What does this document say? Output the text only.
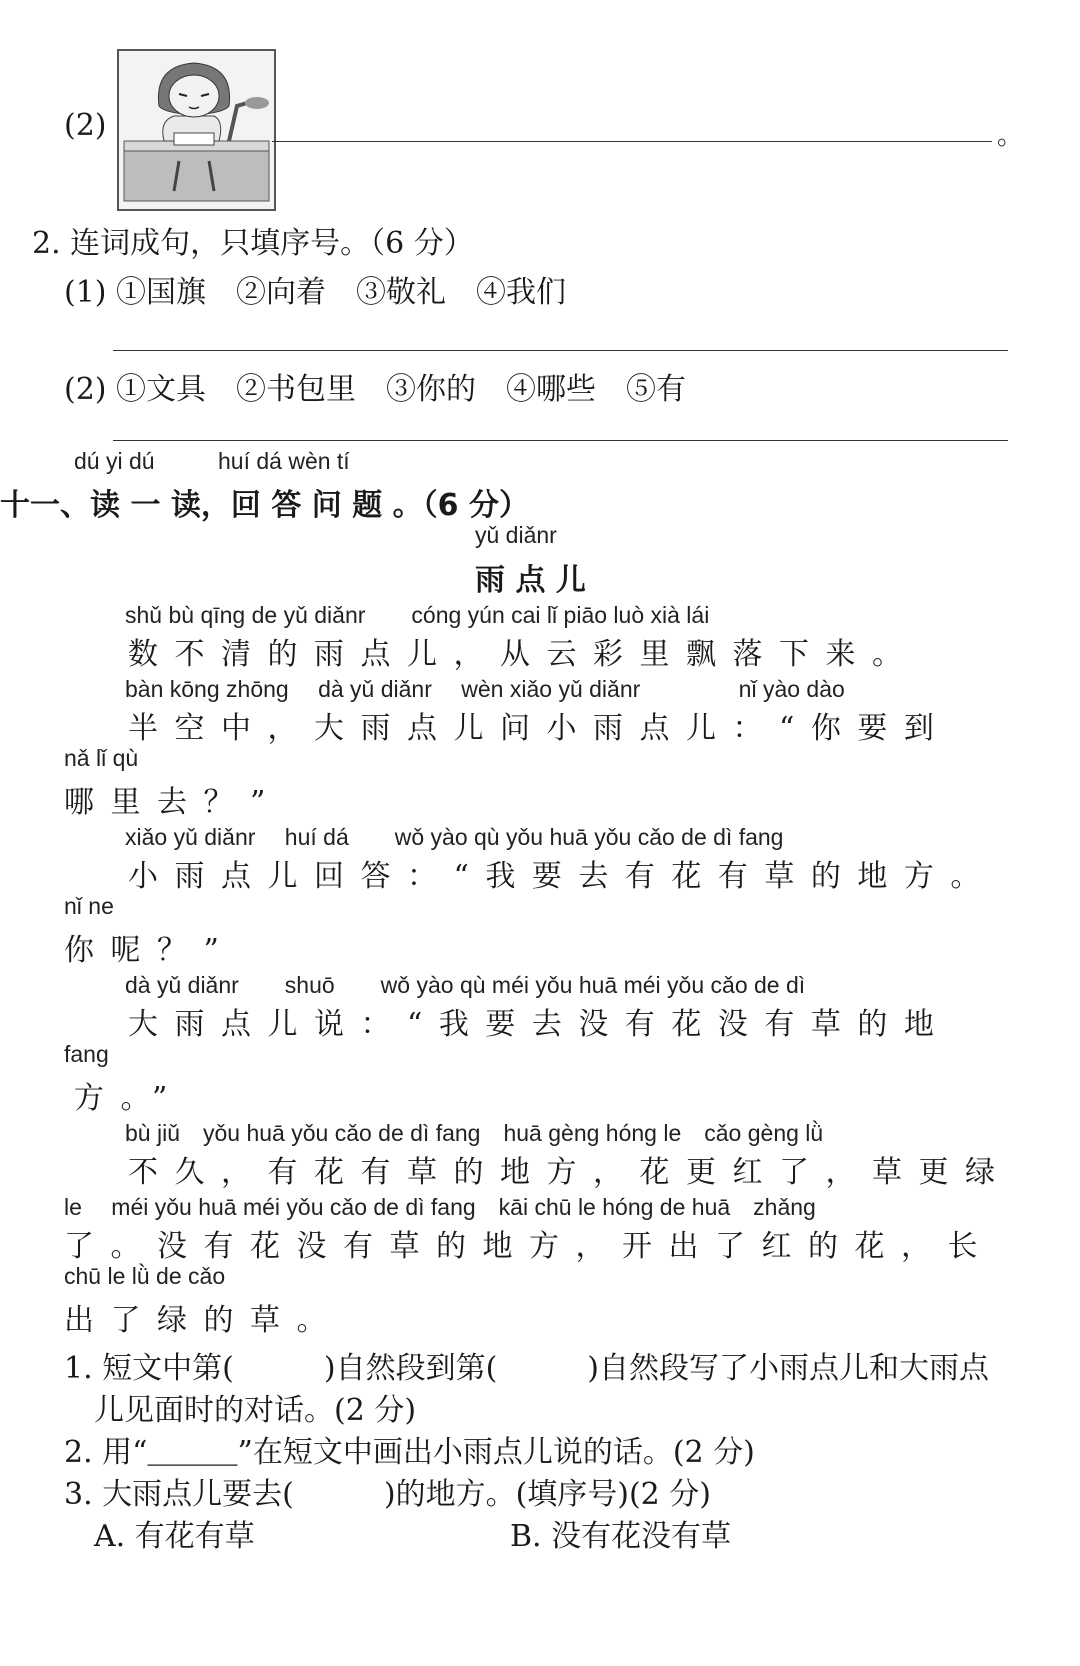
(2)	。
2. 连词成句，只填序号。（6 分）
(1) ①国旗　②向着　③敬礼　④我们
(2) ①文具　②书包里　③你的　④哪些　⑤有
dú yi dú	huí dá wèn tí
十一、读 一 读，回 答 问 题 。（6 分）
yǔ diǎnr
雨 点 儿
shǔ bù qīng de yǔ diǎnr　　cóng yún cai lǐ piāo luò xià lái
数不清的雨点儿，从云彩里飘落下来。
bàn kōng zhōng　 dà yǔ diǎnr　 wèn xiǎo yǔ diǎnr　　　　 nǐ yào dào
半空中，大雨点儿问小雨点儿：“你要到
nǎ lǐ qù
哪里去？”
xiǎo yǔ diǎnr　 huí dá　　wǒ yào qù yǒu huā yǒu cǎo de dì fang
小雨点儿回答：“我要去有花有草的地方。
nǐ ne
你呢？”
dà yǔ diǎnr　　shuō　　wǒ yào qù méi yǒu huā méi yǒu cǎo de dì
大雨点儿说：“我要去没有花没有草的地
fang
方。”
bù jiǔ　yǒu huā yǒu cǎo de dì fang　huā gèng hóng le　cǎo gèng lǜ
不久，有花有草的地方，花更红了，草更绿
le　 méi yǒu huā méi yǒu cǎo de dì fang　kāi chū le hóng de huā　zhǎng
了。没有花没有草的地方，开出了红的花，长
chū le lǜ de cǎo
出了绿的草。
1. 短文中第(　　　)自然段到第(　　　)自然段写了小雨点儿和大雨点
儿见面时的对话。(2 分)
2. 用“＿＿＿”在短文中画出小雨点儿说的话。(2 分)
3. 大雨点儿要去(　　　)的地方。(填序号)(2 分)
A. 有花有草	B. 没有花没有草
